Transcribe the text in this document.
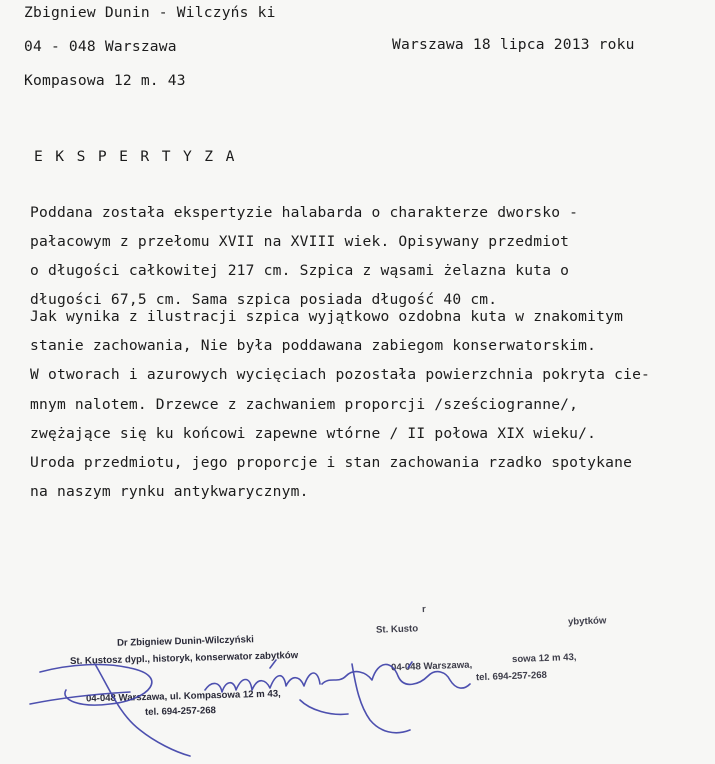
Zbigniew Dunin - Wilczyńs ki
04 - 048 Warszawa
Kompasowa 12 m. 43
Warszawa 18 lipca 2013 roku
EKSPERTYZA
Poddana została ekspertyzie halabarda o charakterze dworsko -
pałacowym z przełomu XVII na XVIII wiek. Opisywany przedmiot
o długości całkowitej 217 cm. Szpica z wąsami żelazna kuta o
długości 67,5 cm. Sama szpica posiada długość 40 cm.
Jak wynika z ilustracji szpica wyjątkowo ozdobna kuta w znakomitym
stanie zachowania, Nie była poddawana zabiegom konserwatorskim.
W otworach i azurowych wycięciach pozostała powierzchnia pokryta cie-
mnym nalotem. Drzewce z zachwaniem proporcji /sześciogranne/,
zwężające się ku końcowi zapewne wtórne / II połowa XIX wieku/.
Uroda przedmiotu, jego proporcje i stan zachowania rzadko spotykane
na naszym rynku antykwarycznym.
r
St. Kusto
ybytków
04-048 Warszawa,
sowa 12 m 43,
tel. 694-257-268
Dr Zbigniew Dunin-Wilczyński
St. Kustosz dypl., historyk, konserwator zabytków
04-048 Warszawa, ul. Kompasowa 12 m 43,
tel. 694-257-268
